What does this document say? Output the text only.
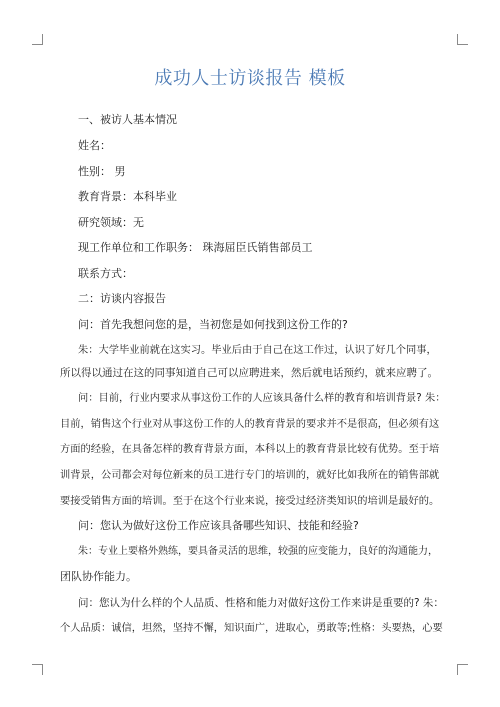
成功人士访谈报告 模板
一、被访人基本情况
姓名：
性别： 男
教育背景：本科毕业
研究领域：无
现工作单位和工作职务： 珠海屈臣氏销售部员工
联系方式：
二：访谈内容报告
问：首先我想问您的是，当初您是如何找到这份工作的?
朱：大学毕业前就在这实习。毕业后由于自己在这工作过，认识了好几个同事，
所以得以通过在这的同事知道自己可以应聘进来，然后就电话预约，就来应聘了。
问：目前，行业内要求从事这份工作的人应该具备什么样的教育和培训背景? 朱：
目前，销售这个行业对从事这份工作的人的教育背景的要求并不是很高，但必须有这
方面的经验，在具备怎样的教育背景方面，本科以上的教育背景比较有优势。至于培
训背景，公司都会对每位新来的员工进行专门的培训的，就好比如我所在的销售部就
要接受销售方面的培训。至于在这个行业来说，接受过经济类知识的培训是最好的。
问：您认为做好这份工作应该具备哪些知识、技能和经验?
朱：专业上要格外熟练，要具备灵活的思维，较强的应变能力，良好的沟通能力，
团队协作能力。
问：您认为什么样的个人品质、性格和能力对做好这份工作来讲是重要的? 朱：
个人品质：诚信，坦然，坚持不懈，知识面广，进取心，勇敢等;性格：头要热，心要
